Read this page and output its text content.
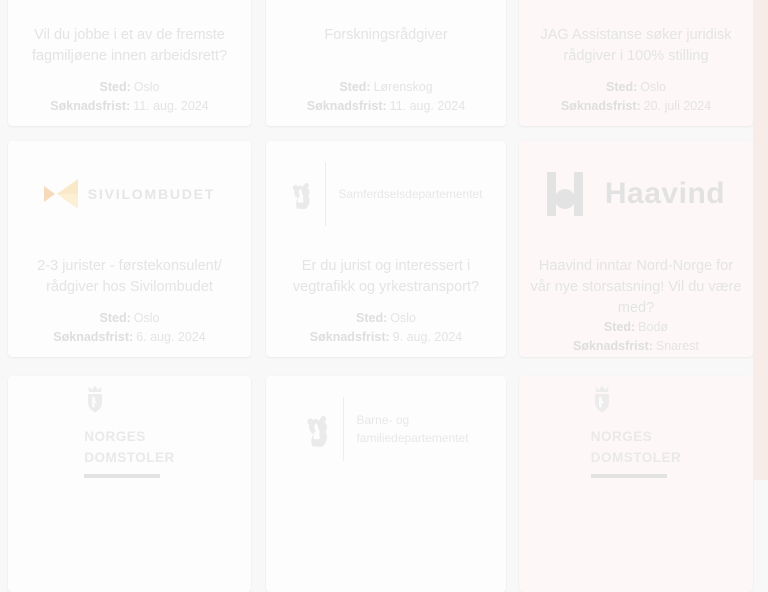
Vil du jobbe i et av de fremste fagmiljøene innen arbeidsrett?
Sted: Oslo
Søknadsfrist: 11. aug. 2024
Forskningsrådgiver
Sted: Lørenskog
Søknadsfrist: 11. aug. 2024
JAG Assistanse søker juridisk rådgiver i 100% stilling
Sted: Oslo
Søknadsfrist: 20. juli 2024
SIVILOMBUDET
2-3 jurister - førstekonsulent/​rådgiver hos Sivilombudet
Sted: Oslo
Søknadsfrist: 6. aug. 2024
Samferdselsdepartementet
Er du jurist og interessert i vegtrafikk og yrkestransport?
Sted: Oslo
Søknadsfrist: 9. aug. 2024
Haavind
Haavind inntar Nord-Norge for vår nye storsatsning! Vil du være med?
Sted: Bodø
Søknadsfrist: Snarest
NORGES
DOMSTOLER
Barne- og
familiedepartementet	NORGES
DOMSTOLER
